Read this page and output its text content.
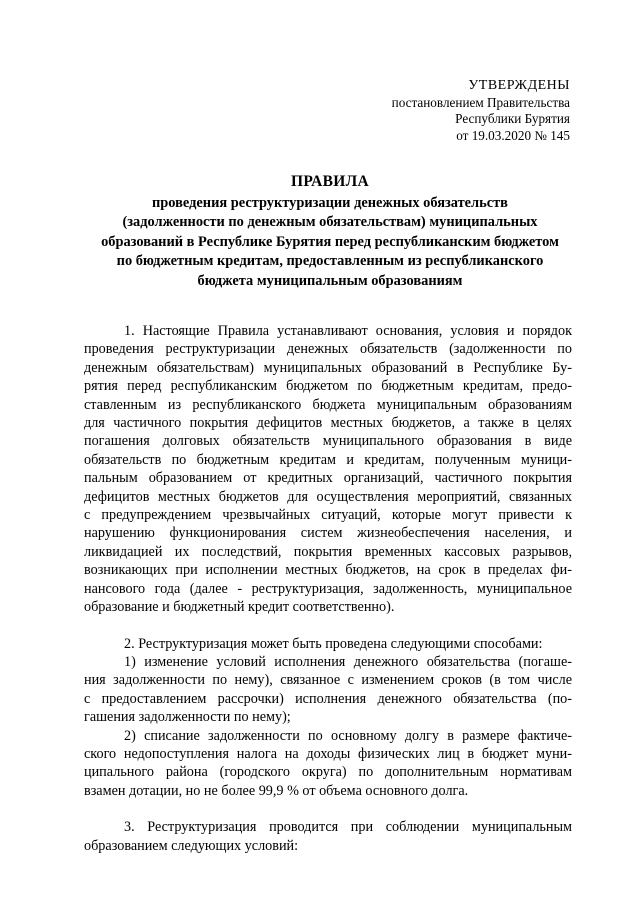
УТВЕРЖДЕНЫ
постановлением Правительства
Республики Бурятия
от 19.03.2020 № 145
ПРАВИЛА
проведения реструктуризации денежных обязательств
(задолженности по денежным обязательствам) муниципальных
образований в Республике Бурятия перед республиканским бюджетом
по бюджетным кредитам, предоставленным из республиканского
бюджета муниципальным образованиям
1. Настоящие Правила устанавливают основания, условия и порядок
проведения реструктуризации денежных обязательств (задолженности по
денежным обязательствам) муниципальных образований в Республике Бу-
рятия перед республиканским бюджетом по бюджетным кредитам, предо-
ставленным из республиканского бюджета муниципальным образованиям
для частичного покрытия дефицитов местных бюджетов, а также в целях
погашения долговых обязательств муниципального образования в виде
обязательств по бюджетным кредитам и кредитам, полученным муници-
пальным образованием от кредитных организаций, частичного покрытия
дефицитов местных бюджетов для осуществления мероприятий, связанных
с предупреждением чрезвычайных ситуаций, которые могут привести к
нарушению функционирования систем жизнеобеспечения населения, и
ликвидацией их последствий, покрытия временных кассовых разрывов,
возникающих при исполнении местных бюджетов, на срок в пределах фи-
нансового года (далее - реструктуризация, задолженность, муниципальное
образование и бюджетный кредит соответственно).
2. Реструктуризация может быть проведена следующими способами:
1) изменение условий исполнения денежного обязательства (погаше-
ния задолженности по нему), связанное с изменением сроков (в том числе
с предоставлением рассрочки) исполнения денежного обязательства (по-
гашения задолженности по нему);
2) списание задолженности по основному долгу в размере фактиче-
ского недопоступления налога на доходы физических лиц в бюджет муни-
ципального района (городского округа) по дополнительным нормативам
взамен дотации, но не более 99,9 % от объема основного долга.
3. Реструктуризация проводится при соблюдении муниципальным
образованием следующих условий:
